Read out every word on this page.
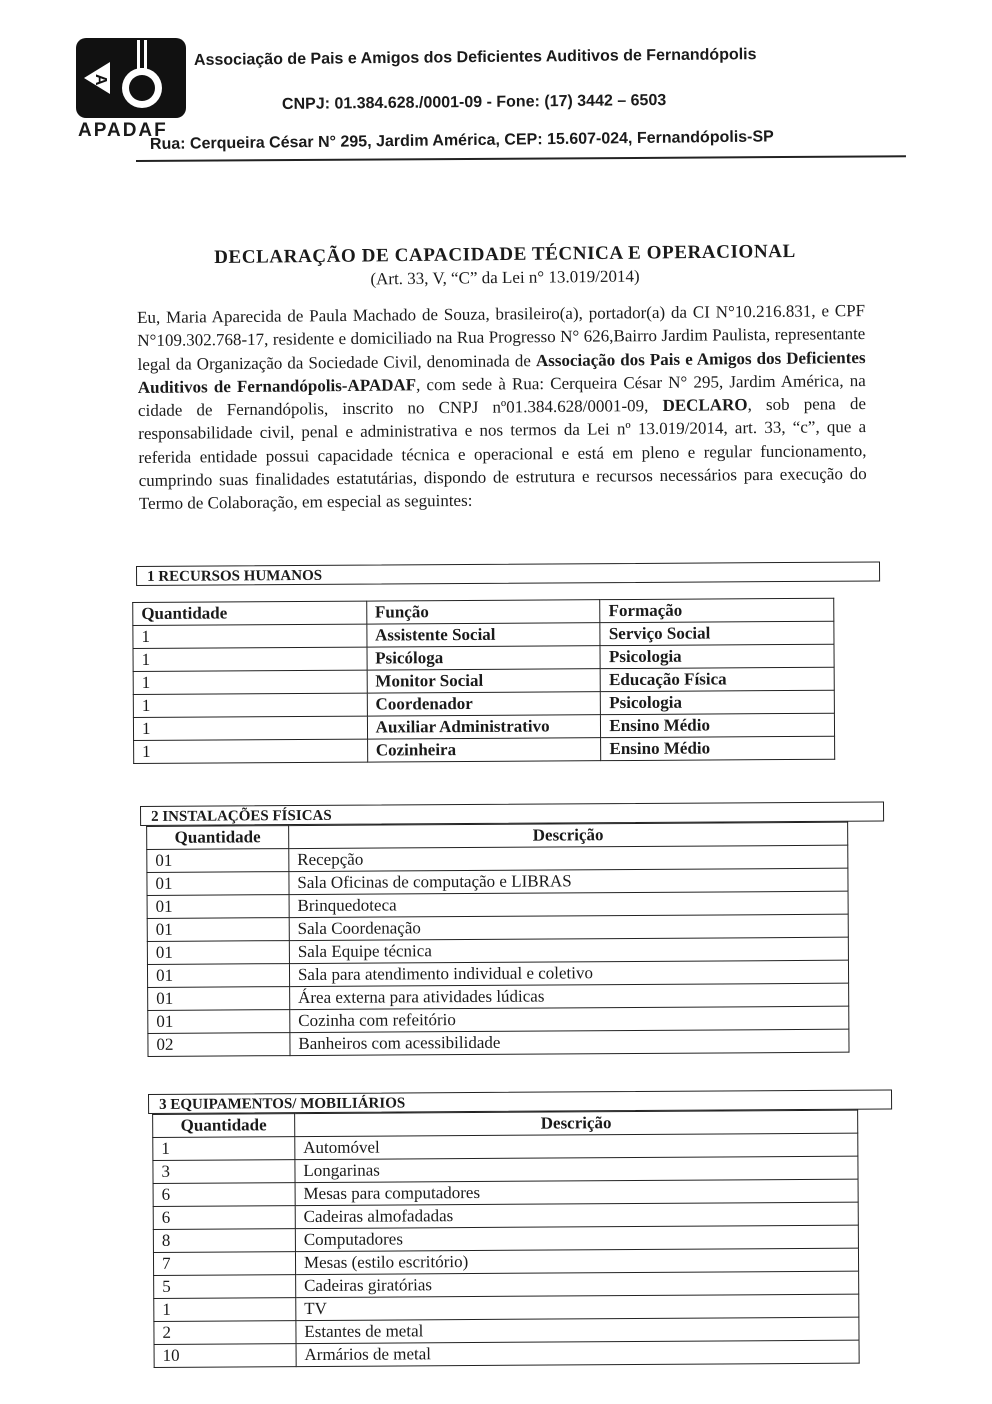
A
APADAF
Associação de Pais e Amigos dos Deficientes Auditivos de Fernandópolis
CNPJ: 01.384.628./0001-09 - Fone: (17) 3442 – 6503
Rua: Cerqueira César N° 295, Jardim América, CEP: 15.607-024, Fernandópolis-SP
DECLARAÇÃO DE CAPACIDADE TÉCNICA E OPERACIONAL
(Art. 33, V, “C” da Lei n° 13.019/2014)
Eu, Maria Aparecida de Paula Machado de Souza, brasileiro(a), portador(a) da CI N°10.216.831, e CPF N°109.302.768-17, residente e domiciliado na Rua Progresso N° 626,Bairro Jardim Paulista, representante legal da Organização da Sociedade Civil, denominada de Associação dos Pais e Amigos dos Deficientes Auditivos de Fernandópolis-APADAF, com sede à Rua: Cerqueira César N° 295, Jardim América, na cidade de Fernandópolis, inscrito no CNPJ nº01.384.628/0001-09, DECLARO, sob pena de responsabilidade civil, penal e administrativa e nos termos da Lei nº 13.019/2014, art. 33, “c”, que a referida entidade possui capacidade técnica e operacional e está em pleno e regular funcionamento, cumprindo suas finalidades estatutárias, dispondo de estrutura e recursos necessários para execução do Termo de Colaboração, em especial as seguintes:
1 RECURSOS HUMANOS
Quantidade	Função	Formação
1	Assistente Social	Serviço Social
1	Psicóloga	Psicologia
1	Monitor Social	Educação Física
1	Coordenador	Psicologia
1	Auxiliar Administrativo	Ensino Médio
1	Cozinheira	Ensino Médio
2 INSTALAÇÕES FÍSICAS
Quantidade	Descrição
01	Recepção
01	Sala Oficinas de computação e LIBRAS
01	Brinquedoteca
01	Sala Coordenação
01	Sala Equipe técnica
01	Sala para atendimento individual e coletivo
01	Área externa para atividades lúdicas
01	Cozinha com refeitório
02	Banheiros com acessibilidade
3 EQUIPAMENTOS/ MOBILIÁRIOS
Quantidade	Descrição
1	Automóvel
3	Longarinas
6	Mesas para computadores
6	Cadeiras almofadadas
8	Computadores
7	Mesas (estilo escritório)
5	Cadeiras giratórias
1	TV
2	Estantes de metal
10	Armários de metal
